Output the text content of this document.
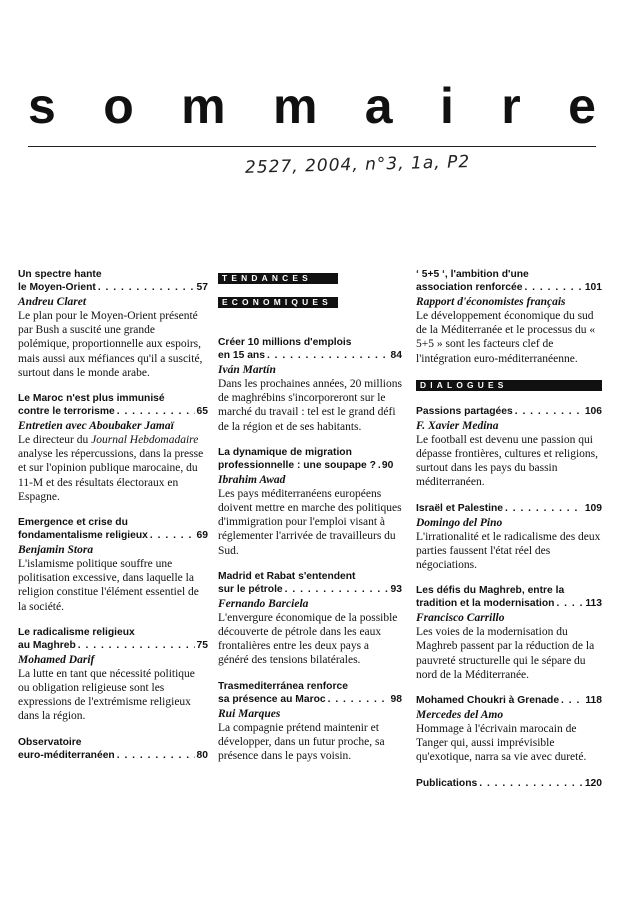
s o m m a i r e
2527, 2004, n°3, 1a, P2
Un spectre hante
le Moyen-Orient . . .	57
Andreu Claret
Le plan pour le Moyen-Orient présenté par Bush a suscité une grande polémique, proportionnelle aux espoirs, mais aussi aux méfiances qu'il a suscité, surtout dans le monde arabe.
Le Maroc n'est plus immunisé
contre le terrorisme . . .	65
Entretien avec Aboubaker Jamaï
Le directeur du Journal Hebdomadaire analyse les répercussions, dans la presse et sur l'opinion publique marocaine, du 11-M et des résultats électoraux en Espagne.
Emergence et crise du
fondamentalisme religieux . . .	69
Benjamin Stora
L'islamisme politique souffre une politisation excessive, dans laquelle la religion constitue l'élément essentiel de la société.
Le radicalisme religieux
au Maghreb . . .	75
Mohamed Darif
La lutte en tant que nécessité politique ou obligation religieuse sont les expressions de l'extrémisme religieux dans la région.
Observatoire
euro-méditerranéen . . .	80
TENDANCES
ECONOMIQUES
Créer 10 millions d'emplois
en 15 ans . . .	84
Iván Martín
Dans les prochaines années, 20 millions de maghrébins s'incorporeront sur le marché du travail : tel est le grand défi de la région et de ses habitants.
La dynamique de migration
professionnelle : une soupape ? . . . 90
Ibrahim Awad
Les pays méditerranéens européens doivent mettre en marche des politiques d'immigration pour l'emploi visant à réglementer l'arrivée de travailleurs du Sud.
Madrid et Rabat s'entendent
sur le pétrole . . .	93
Fernando Barciela
L'envergure économique de la possible découverte de pétrole dans les eaux frontalières entre les deux pays a généré des tensions bilatérales.
Trasmediterránea renforce
sa présence au Maroc . . .	98
Rui Marques
La compagnie prétend maintenir et développer, dans un futur proche, sa présence dans le pays voisin.
‘ 5+5 ‘, l'ambition d'une
association renforcée . . .	101
Rapport d'économistes français
Le développement économique du sud de la Méditerranée et le processus du « 5+5 » sont les facteurs clef de l'intégration euro-méditerranéenne.
DIALOGUES
Passions partagées . . .	106
F. Xavier Medina
Le football est devenu une passion qui dépasse frontières, cultures et religions, surtout dans les pays du bassin méditerranéen.
Israël et Palestine . . .	109
Domingo del Pino
L'irrationalité et le radicalisme des deux parties faussent l'état réel des négociations.
Les défis du Maghreb, entre la
tradition et la modernisation . . .	113
Francisco Carrillo
Les voies de la modernisation du Maghreb passent par la réduction de la pauvreté structurelle qui le sépare du nord de la Méditerranée.
Mohamed Choukri à Grenade . . .	118
Mercedes del Amo
Hommage à l'écrivain marocain de Tanger qui, aussi imprévisible qu'exotique, narra sa vie avec dureté.
Publications . . .	120
